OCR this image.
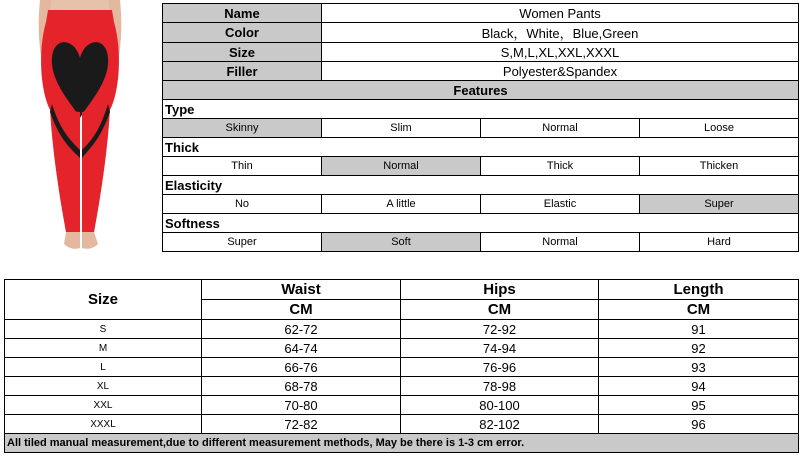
Name	Women Pants		
Color	Black，White，Blue,Green		
Size	S,M,L,XL,XXL,XXXL		
Filler	Polyester&Spandex		
Features			
Type			
Skinny	Slim	Normal	Loose
Thick			
Thin	Normal	Thick	Thicken
Elasticity			
No	A little	Elastic	Super
Softness			
Super	Soft	Normal	Hard
Size	Waist	Hips	Length
	CM	CM	CM
S	62-72	72-92	91
M	64-74	74-94	92
L	66-76	76-96	93
XL	68-78	78-98	94
XXL	70-80	80-100	95
XXXL	72-82	82-102	96
All tiled manual measurement,due to different measurement methods, May be there is 1-3 cm error.			
